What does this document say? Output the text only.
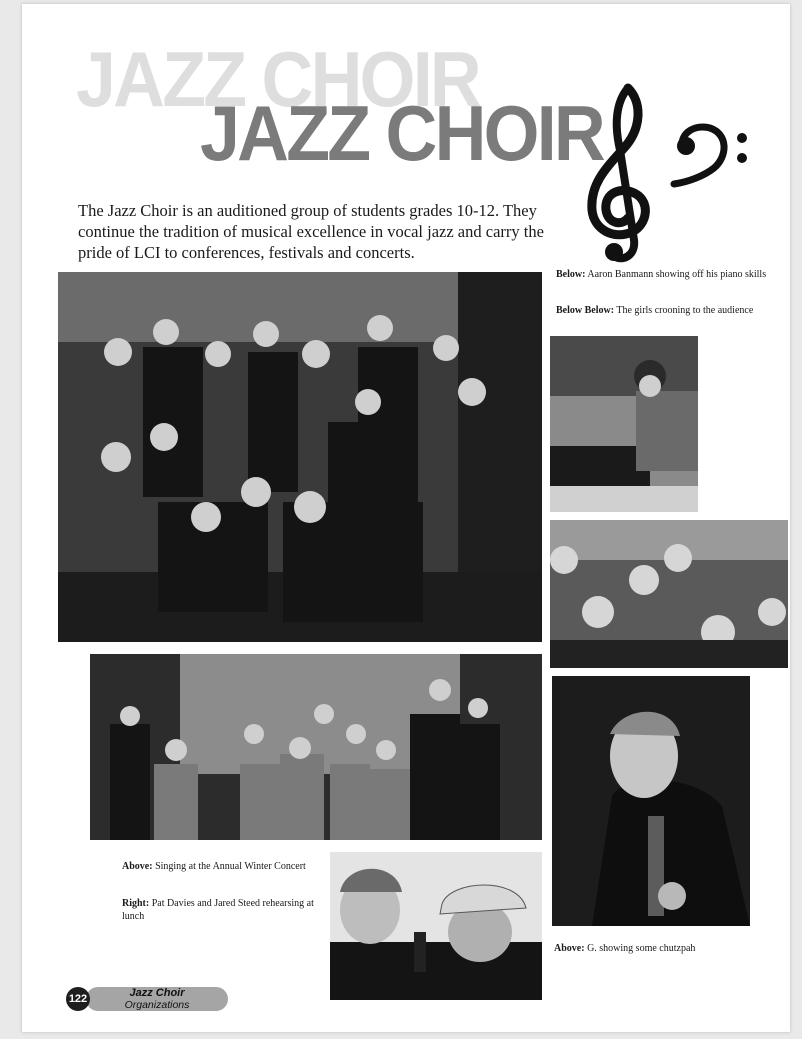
JAZZ CHOIR
JAZZ CHOIR
The Jazz Choir is an auditioned group of students grades 10-12. They continue the tradition of musical excellence in vocal jazz and carry the pride of LCI to conferences, festivals and concerts.
Below: Aaron Banmann showing off his piano skills
Below Below: The girls crooning to the audience
Above: G. showing some chutzpah
Above: Singing at the Annual Winter Concert
Right: Pat Davies and Jared Steed rehearsing at lunch
Jazz Choir
Organizations
122
